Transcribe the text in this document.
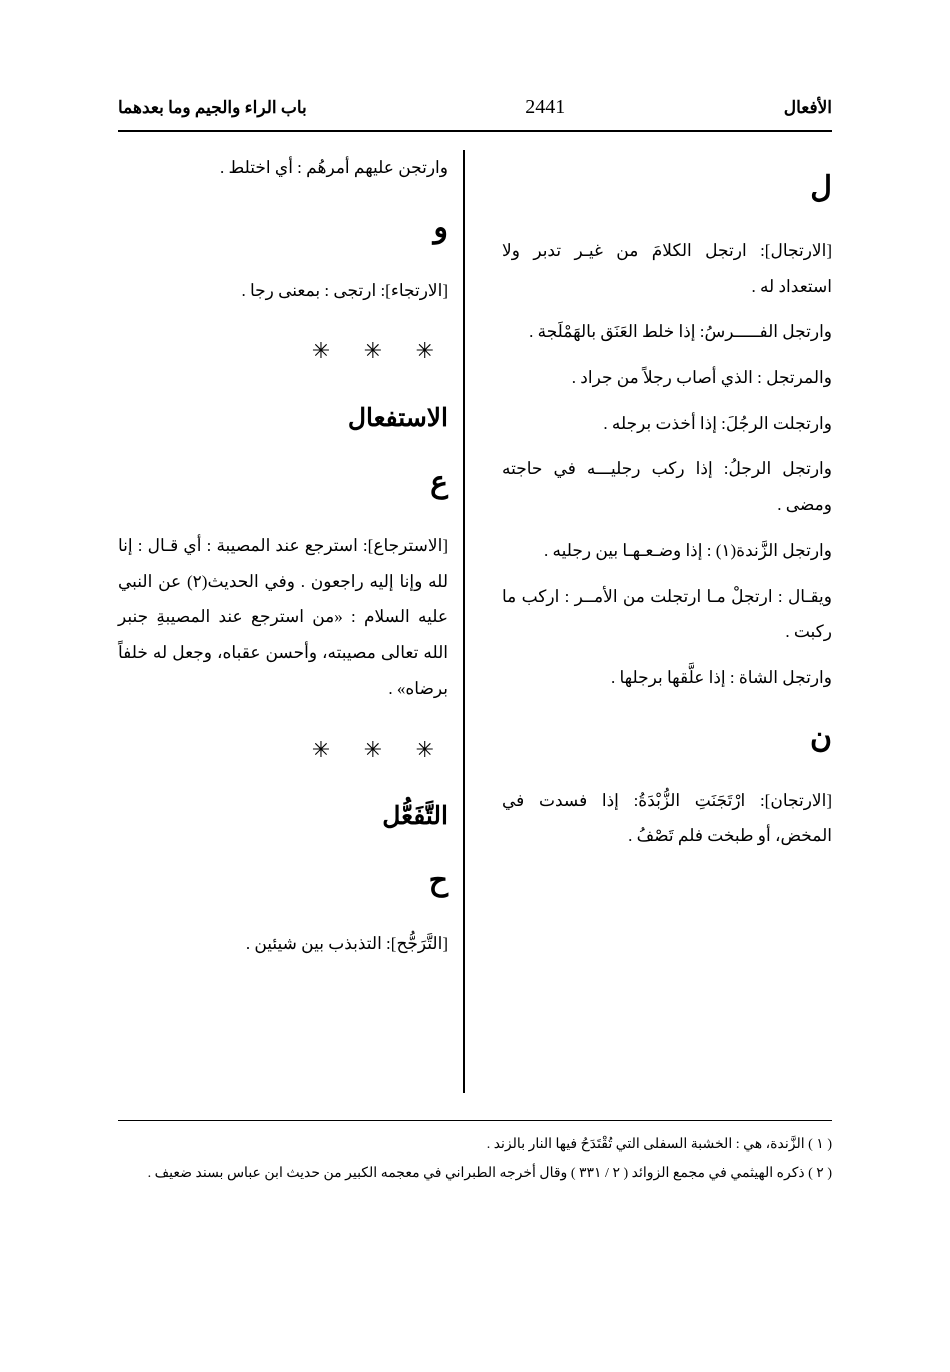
الأفعال
2441
باب الراء والجيم وما بعدهما
ل

[الارتجال]: ارتجل الكلامَ من غيـر تدبر ولا استعداد له .

وارتجل الفـــــرسُ: إذا خلط العَنَق بالهَمْلَجة .

والمرتجل : الذي أصاب رجلاً من جراد .

وارتجلت الرجُلَ: إذا أخذت برجله .

وارتجل الرجلُ: إذا ركب رجليـــه في حاجته ومضى .

وارتجل الزَّندة(١) : إذا وضـعـهـا بين رجليه .

ويقـال : ارتجلْ مـا ارتجلت من الأمــر : اركب ما ركبت .

وارتجل الشاة : إذا علَّقها برجلها .

ن

[الارتجان]: ارْتَجَنَتِ الزُّبْدَةُ: إذا فسدت في المخض، أو طبخت فلم تَصْفُ .

وارتجن عليهم أمرهُم : أي اختلط .

و

[الارتجاء]: ارتجى : بمعنى رجا .

✳ ✳ ✳
الاستفعال
ع

[الاسترجاع]: استرجع عند المصيبة : أي قـال : إنا لله وإنا إليه راجعون . وفي الحديث(٢) عن النبي عليه السلام : «من استرجع عند المصيبةِ جنبر الله تعالى مصيبته، وأحسن عقباه، وجعل له خلفاً برضاه» .

✳ ✳ ✳
التَّفَعُّل
ح

[التَّرَجُّح]: التذبذب بين شيئين .

( ١ ) الزَّندة، هي : الخشبة السفلى التي تُقْتَدَحُ فيها النار بالزند .

( ٢ ) ذكره الهيثمي في مجمع الزوائد ( ٢ / ٣٣١ ) وقال أخرجه الطبراني في معجمه الكبير من حديث ابن عباس بسند ضعيف .
